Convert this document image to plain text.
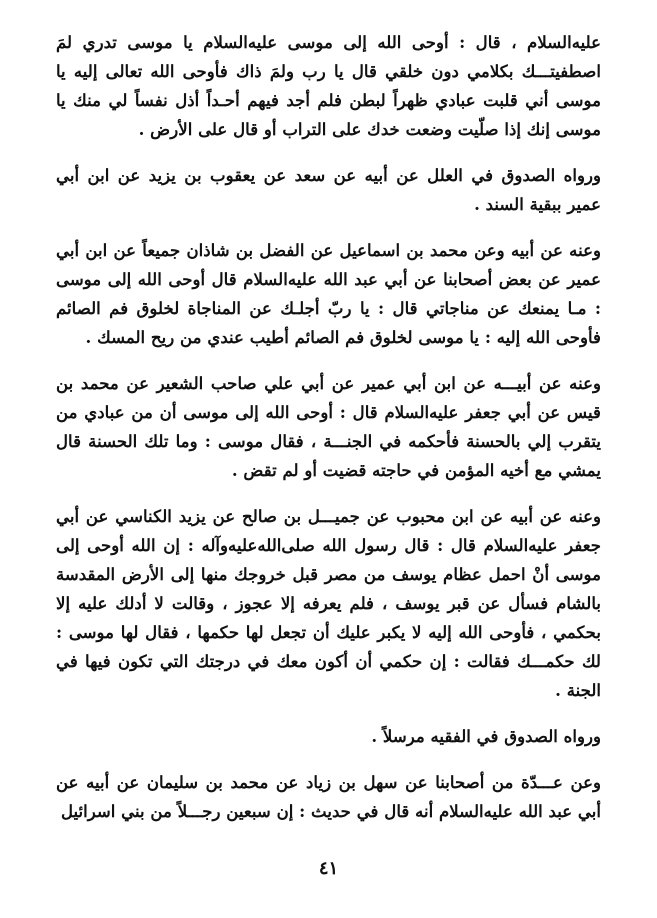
عليه‌السلام ، قال : أوحى الله إلى موسى عليه‌السلام يا موسى تدري لمَ اصطفيتـــك بكلامي دون خلقي قال يا رب ولمَ ذاك فأوحى الله تعالى إليه يا موسى أني قلبت عبادي ظهراً لبطن فلم أجد فيهم أحـداً أذل نفساً لي منك يا موسى إنك إذا صلّيت وضعت خدك على التراب أو قال على الأرض .

ورواه الصدوق في العلل عن أبيه عن سعد عن يعقوب بن يزيد عن ابن أبي عمير ببقية السند .

وعنه عن أبيه وعن محمد بن اسماعيل عن الفضل بن شاذان جميعاً عن ابن أبي عمير عن بعض أصحابنا عن أبي عبد الله عليه‌السلام قال أوحى الله إلى موسى : مـا يمنعك عن مناجاتي قال : يا ربّ أجلـك عن المناجاة لخلوق فم الصائم فأوحى الله إليه : يا موسى لخلوق فم الصائم أطيب عندي من ريح المسك .

وعنه عن أبيـــه عن ابن أبي عمير عن أبي علي صاحب الشعير عن محمد بن قيس عن أبي جعفر عليه‌السلام قال : أوحى الله إلى موسى أن من عبادي من يتقرب إلي بالحسنة فأحكمه في الجنـــة ، فقال موسى : وما تلك الحسنة قال يمشي مع أخيه المؤمن في حاجته قضيت أو لم تقض .

وعنه عن أبيه عن ابن محبوب عن جميـــل بن صالح عن يزيد الكناسي عن أبي جعفر عليه‌السلام قال : قال رسول الله صلى‌الله‌عليه‌وآله : إن الله أوحى إلى موسى أنْ احمل عظام يوسف من مصر قبل خروجك منها إلى الأرض المقدسة بالشام فسأل عن قبر يوسف ، فلم يعرفه إلا عجوز ، وقالت لا أدلك عليه إلا بحكمي ، فأوحى الله إليه لا يكبر عليك أن تجعل لها حكمها ، فقال لها موسى : لك حكمـــك فقالت : إن حكمي أن أكون معك في درجتك التي تكون فيها في الجنة .

ورواه الصدوق في الفقيه مرسلاً .

وعن عـــدّة من أصحابنا عن سهل بن زياد عن محمد بن سليمان عن أبيه عن أبي عبد الله عليه‌السلام أنه قال في حديث : إن سبعين رجـــلاً من بني اسرائيل

٤١
